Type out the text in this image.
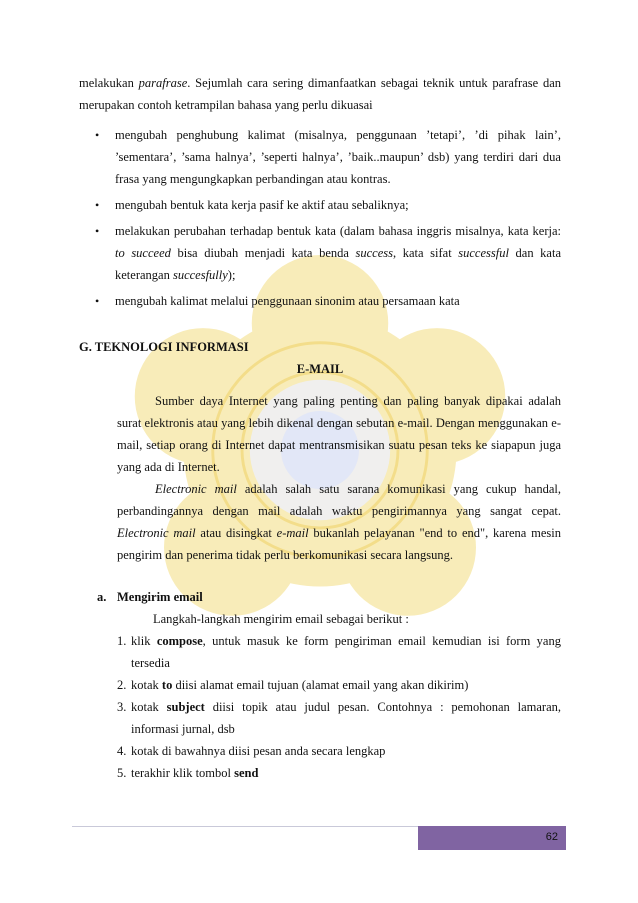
melakukan parafrase. Sejumlah cara sering dimanfaatkan sebagai teknik untuk parafrase dan merupakan contoh ketrampilan bahasa yang perlu dikuasai

• mengubah penghubung kalimat (misalnya, penggunaan ’tetapi’, ’di pihak lain’, ’sementara’, ’sama halnya’, ’seperti halnya’, ’baik..maupun’ dsb) yang terdiri dari dua frasa yang mengungkapkan perbandingan atau kontras.
• mengubah bentuk kata kerja pasif ke aktif atau sebaliknya;
• melakukan perubahan terhadap bentuk kata (dalam bahasa inggris misalnya, kata kerja: to succeed bisa diubah menjadi kata benda success, kata sifat successful dan kata keterangan succesfully);
• mengubah kalimat melalui penggunaan sinonim atau persamaan kata
G. TEKNOLOGI INFORMASI
E-MAIL

Sumber daya Internet yang paling penting dan paling banyak dipakai adalah surat elektronis atau yang lebih dikenal dengan sebutan e-mail. Dengan menggunakan e-mail, setiap orang di Internet dapat mentransmisikan suatu pesan teks ke siapapun juga yang ada di Internet.

Electronic mail adalah salah satu sarana komunikasi yang cukup handal, perbandingannya dengan mail adalah waktu pengirimannya yang sangat cepat. Electronic mail atau disingkat e-mail bukanlah pelayanan "end to end", karena mesin pengirim dan penerima tidak perlu berkomunikasi secara langsung.

a. Mengirim email

Langkah-langkah mengirim email sebagai berikut :

1. klik compose, untuk masuk ke form pengiriman email kemudian isi form yang tersedia
2. kotak to diisi alamat email tujuan (alamat email yang akan dikirim)
3. kotak subject diisi topik atau judul pesan. Contohnya : pemohonan lamaran, informasi jurnal, dsb
4. kotak di bawahnya diisi pesan anda secara lengkap
5. terakhir klik tombol send
62
